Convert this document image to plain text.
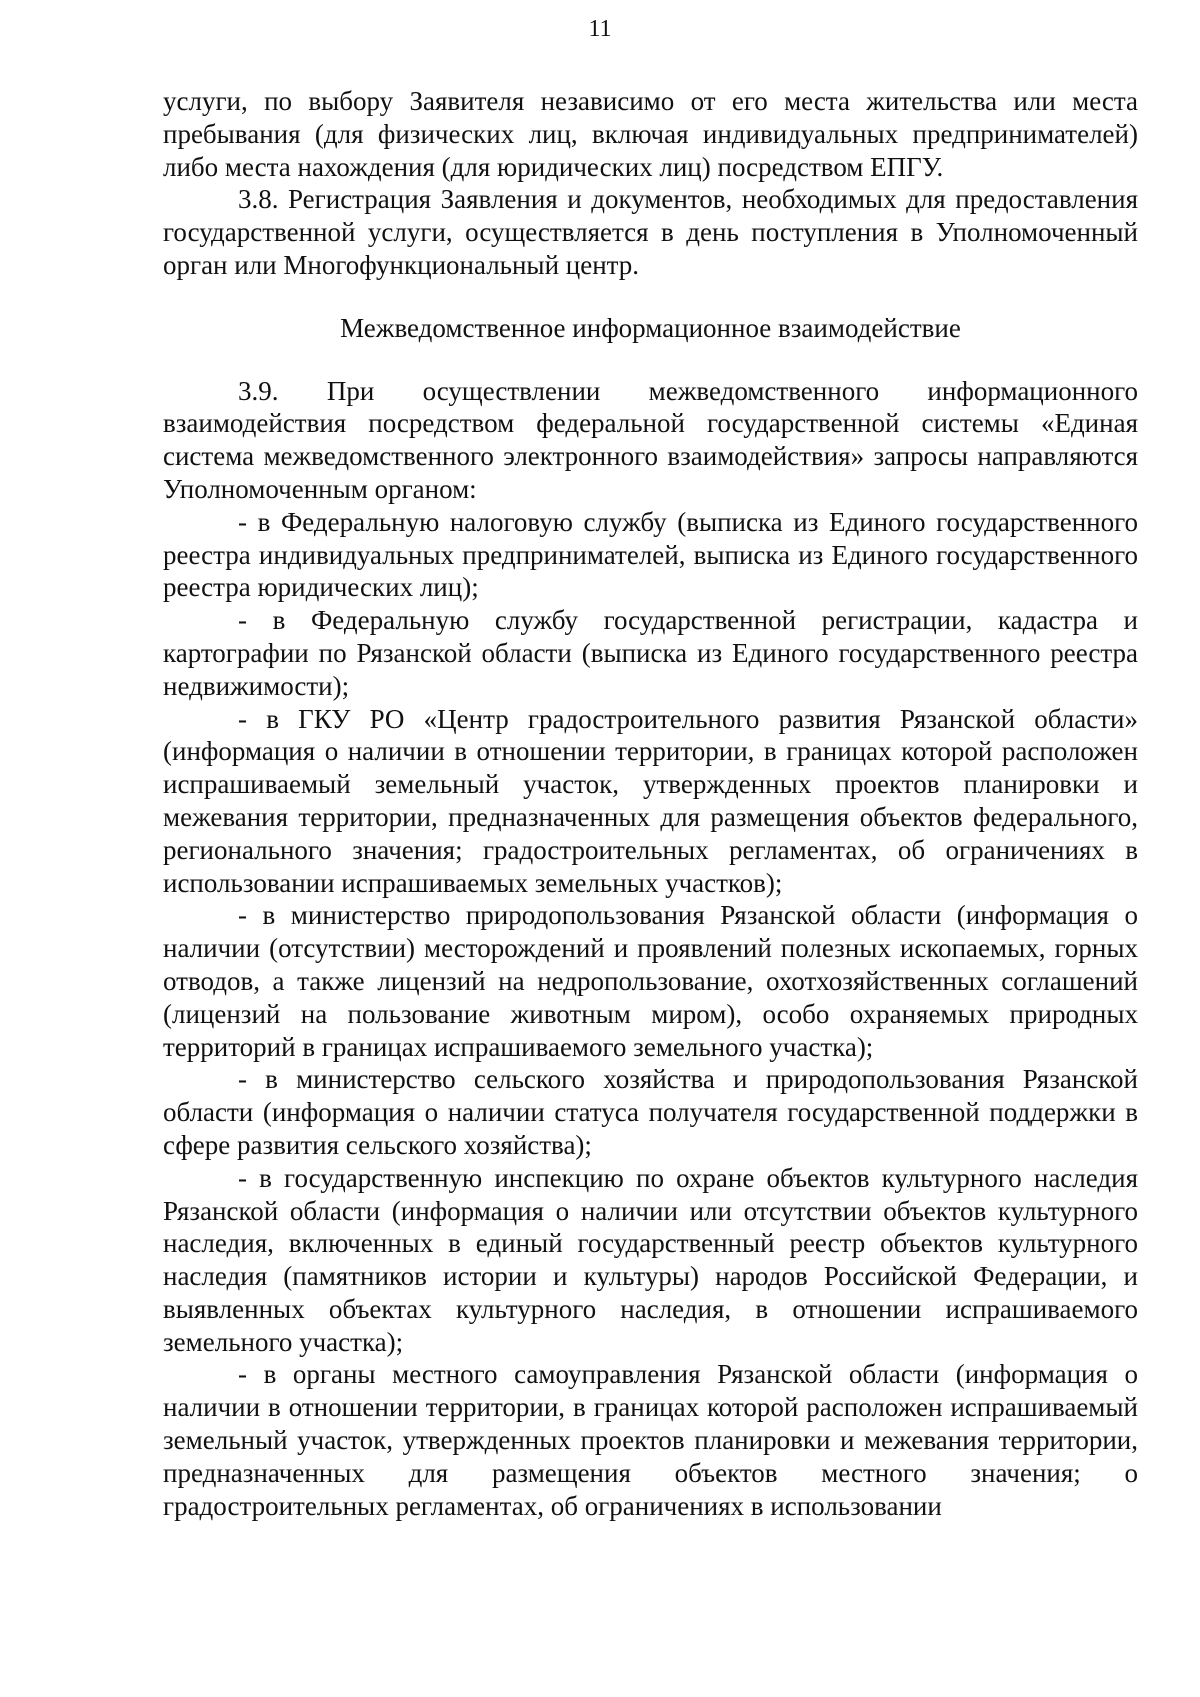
11

услуги, по выбору Заявителя независимо от его места жительства или места пребывания (для физических лиц, включая индивидуальных предпринимателей) либо места нахождения (для юридических лиц) посредством ЕПГУ.

3.8. Регистрация Заявления и документов, необходимых для предоставления государственной услуги, осуществляется в день поступления в Уполномоченный орган или Многофункциональный центр.

Межведомственное информационное взаимодействие

3.9. При осуществлении межведомственного информационного взаимодействия посредством федеральной государственной системы «Единая система межведомственного электронного взаимодействия» запросы направляются Уполномоченным органом:

- в Федеральную налоговую службу (выписка из Единого государственного реестра индивидуальных предпринимателей, выписка из Единого государственного реестра юридических лиц);

- в Федеральную службу государственной регистрации, кадастра и картографии по Рязанской области (выписка из Единого государственного реестра недвижимости);

- в ГКУ РО «Центр градостроительного развития Рязанской области» (информация о наличии в отношении территории, в границах которой расположен испрашиваемый земельный участок, утвержденных проектов планировки и межевания территории, предназначенных для размещения объектов федерального, регионального значения; градостроительных регламентах, об ограничениях в использовании испрашиваемых земельных участков);

- в министерство природопользования Рязанской области (информация о наличии (отсутствии) месторождений и проявлений полезных ископаемых, горных отводов, а также лицензий на недропользование, охотхозяйственных соглашений (лицензий на пользование животным миром), особо охраняемых природных территорий в границах испрашиваемого земельного участка);

- в министерство сельского хозяйства и природопользования Рязанской области (информация о наличии статуса получателя государственной поддержки в сфере развития сельского хозяйства);

- в государственную инспекцию по охране объектов культурного наследия Рязанской области (информация о наличии или отсутствии объектов культурного наследия, включенных в единый государственный реестр объектов культурного наследия (памятников истории и культуры) народов Российской Федерации, и выявленных объектах культурного наследия, в отношении испрашиваемого земельного участка);

- в органы местного самоуправления Рязанской области (информация о наличии в отношении территории, в границах которой расположен испрашиваемый земельный участок, утвержденных проектов планировки и межевания территории, предназначенных для размещения объектов местного значения; о градостроительных регламентах, об ограничениях в использовании
